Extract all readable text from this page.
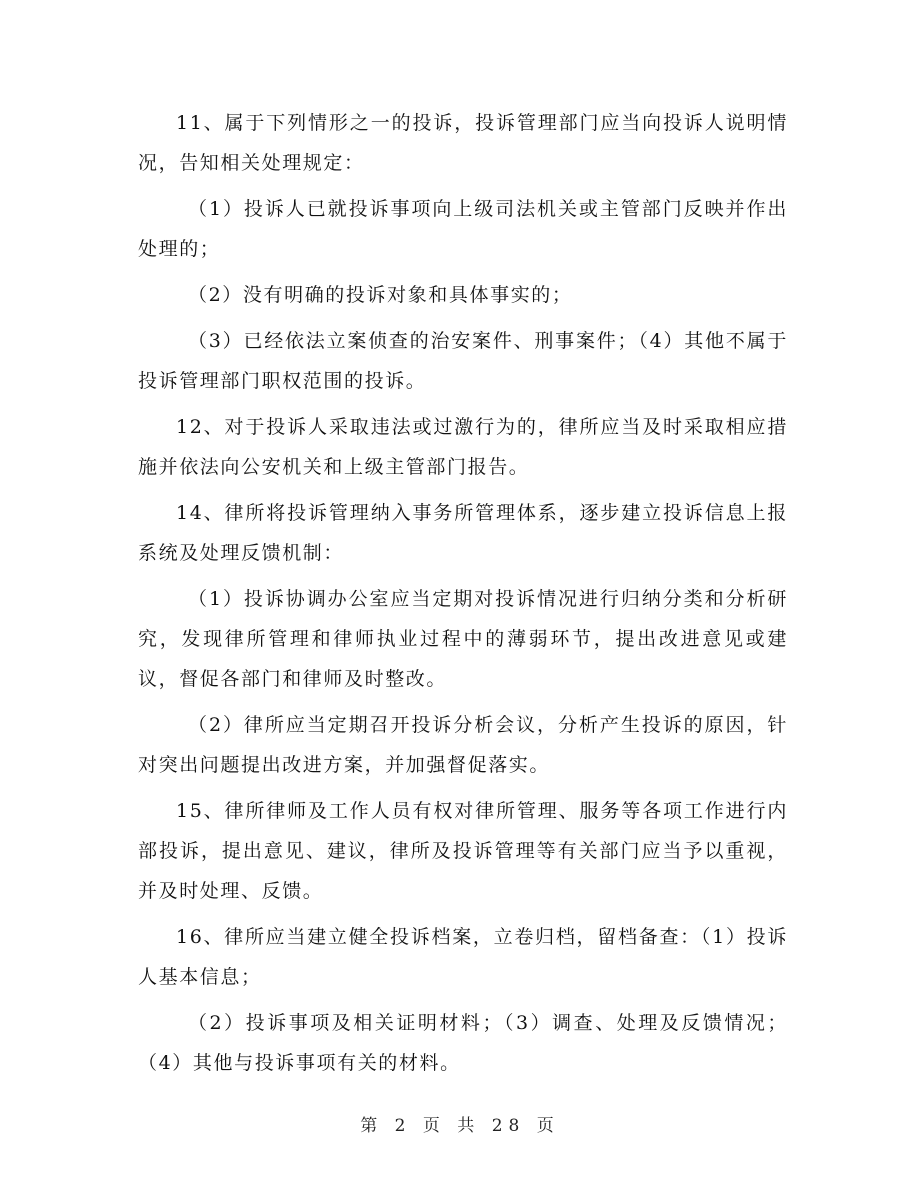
11、属于下列情形之一的投诉，投诉管理部门应当向投诉人说明情况，告知相关处理规定：

（1）投诉人已就投诉事项向上级司法机关或主管部门反映并作出处理的；

（2）没有明确的投诉对象和具体事实的；

（3）已经依法立案侦查的治安案件、刑事案件；（4）其他不属于投诉管理部门职权范围的投诉。

12、对于投诉人采取违法或过激行为的，律所应当及时采取相应措施并依法向公安机关和上级主管部门报告。

14、律所将投诉管理纳入事务所管理体系，逐步建立投诉信息上报系统及处理反馈机制：

（1）投诉协调办公室应当定期对投诉情况进行归纳分类和分析研究，发现律所管理和律师执业过程中的薄弱环节，提出改进意见或建议，督促各部门和律师及时整改。

（2）律所应当定期召开投诉分析会议，分析产生投诉的原因，针对突出问题提出改进方案，并加强督促落实。

15、律所律师及工作人员有权对律所管理、服务等各项工作进行内部投诉，提出意见、建议，律所及投诉管理等有关部门应当予以重视，并及时处理、反馈。

16、律所应当建立健全投诉档案，立卷归档，留档备查：（1）投诉人基本信息；

（2）投诉事项及相关证明材料；（3）调查、处理及反馈情况；（4）其他与投诉事项有关的材料。

第 2 页 共 28 页
